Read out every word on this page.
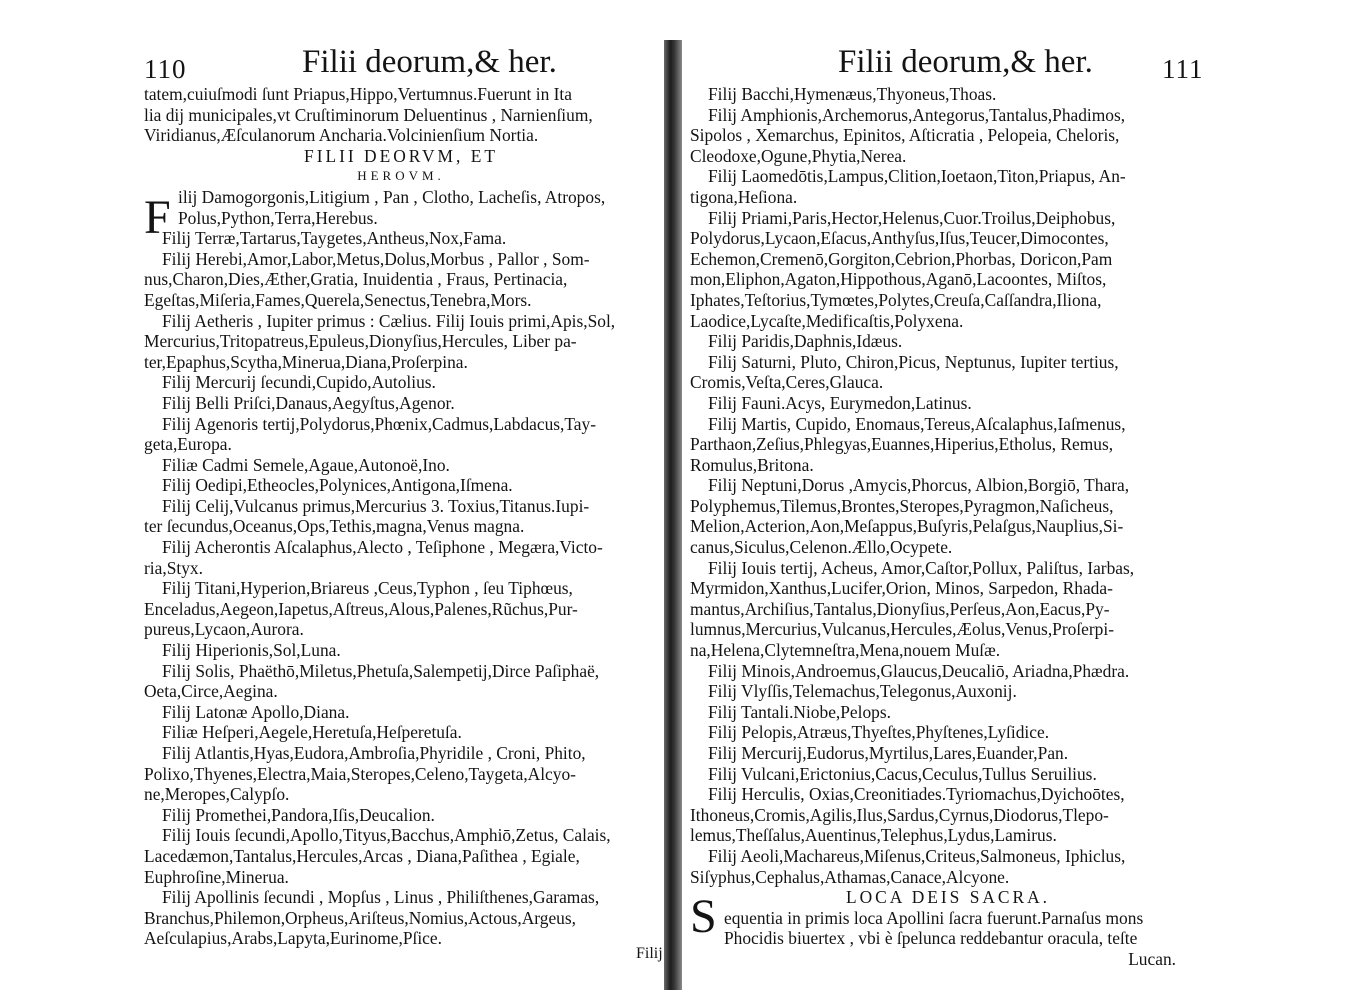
110	Filii deorum,& her.
F
tatem,cuiuſmodi ſunt Priapus,Hippo,Vertumnus.Fuerunt in Ita
lia dij municipales,vt Cruſtiminorum Deluentinus , Narnienſium,
Viridianus,Æſculanorum Ancharia.Volcinienſium Nortia.
FILII DEORVM, ET
HEROVM.
ilij Damogorgonis,Litigium , Pan , Clotho, Lacheſis, Atropos,
Polus,Python,Terra,Herebus.
Filij Terræ,Tartarus,Taygetes,Antheus,Nox,Fama.
Filij Herebi,Amor,Labor,Metus,Dolus,Morbus , Pallor , Som-
nus,Charon,Dies,Æther,Gratia, Inuidentia , Fraus, Pertinacia,
Egeſtas,Miſeria,Fames,Querela,Senectus,Tenebra,Mors.
Filij Aetheris , Iupiter primus : Cælius. Filij Iouis primi,Apis,Sol,
Mercurius,Tritopatreus,Epuleus,Dionyſius,Hercules, Liber pa-
ter,Epaphus,Scytha,Minerua,Diana,Proſerpina.
Filij Mercurij ſecundi,Cupido,Autolius.
Filij Belli Priſci,Danaus,Aegyſtus,Agenor.
Filij Agenoris tertij,Polydorus,Phœnix,Cadmus,Labdacus,Tay-
geta,Europa.
Filiæ Cadmi Semele,Agaue,Autonoë,Ino.
Filij Oedipi,Etheocles,Polynices,Antigona,Iſmena.
Filij Celij,Vulcanus primus,Mercurius 3. Toxius,Titanus.Iupi-
ter ſecundus,Oceanus,Ops,Tethis,magna,Venus magna.
Filij Acherontis Aſcalaphus,Alecto , Teſiphone , Megæra,Victo-
ria,Styx.
Filij Titani,Hyperion,Briareus ,Ceus,Typhon , ſeu Tiphœus,
Enceladus,Aegeon,Iapetus,Aſtreus,Alous,Palenes,Rũchus,Pur-
pureus,Lycaon,Aurora.
Filij Hiperionis,Sol,Luna.
Filij Solis, Phaëthō,Miletus,Phetuſa,Salempetij,Dirce Paſiphaë,
Oeta,Circe,Aegina.
Filij Latonæ Apollo,Diana.
Filiæ Heſperi,Aegele,Heretuſa,Heſperetuſa.
Filij Atlantis,Hyas,Eudora,Ambroſia,Phyridile , Croni, Phito,
Polixo,Thyenes,Electra,Maia,Steropes,Celeno,Taygeta,Alcyo-
ne,Meropes,Calypſo.
Filij Promethei,Pandora,Iſis,Deucalion.
Filij Iouis ſecundi,Apollo,Tityus,Bacchus,Amphiō,Zetus, Calais,
Lacedæmon,Tantalus,Hercules,Arcas , Diana,Paſithea , Egiale,
Euphroſine,Minerua.
Filij Apollinis ſecundi , Mopſus , Linus , Philiſthenes,Garamas,
Branchus,Philemon,Orpheus,Ariſteus,Nomius,Actous,Argeus,
Aeſculapius,Arabs,Lapyta,Eurinome,Pſice.
Filij
Filii deorum,& her.	111
S
Filij Bacchi,Hymenæus,Thyoneus,Thoas.
Filij Amphionis,Archemorus,Antegorus,Tantalus,Phadimos,
Sipolos , Xemarchus, Epinitos, Aſticratia , Pelopeia, Cheloris,
Cleodoxe,Ogune,Phytia,Nerea.
Filij Laomedōtis,Lampus,Clition,Ioetaon,Titon,Priapus, An-
tigona,Heſiona.
Filij Priami,Paris,Hector,Helenus,Cuor.Troilus,Deiphobus,
Polydorus,Lycaon,Eſacus,Anthyſus,Iſus,Teucer,Dimocontes,
Echemon,Cremenō,Gorgiton,Cebrion,Phorbas, Doricon,Pam
mon,Eliphon,Agaton,Hippothous,Aganō,Lacoontes, Miſtos,
Iphates,Teſtorius,Tymœtes,Polytes,Creuſa,Caſſandra,Iliona,
Laodice,Lycaſte,Medificaſtis,Polyxena.
Filij Paridis,Daphnis,Idæus.
Filij Saturni, Pluto, Chiron,Picus, Neptunus, Iupiter tertius,
Cromis,Veſta,Ceres,Glauca.
Filij Fauni.Acys, Eurymedon,Latinus.
Filij Martis, Cupido, Enomaus,Tereus,Aſcalaphus,Iaſmenus,
Parthaon,Zeſius,Phlegyas,Euannes,Hiperius,Etholus, Remus,
Romulus,Britona.
Filij Neptuni,Dorus ,Amycis,Phorcus, Albion,Borgiō, Thara,
Polyphemus,Tilemus,Brontes,Steropes,Pyragmon,Naſicheus,
Melion,Acterion,Aon,Meſappus,Buſyris,Pelaſgus,Nauplius,Si-
canus,Siculus,Celenon.Ællo,Ocypete.
Filij Iouis tertij, Acheus, Amor,Caſtor,Pollux, Paliſtus, Iarbas,
Myrmidon,Xanthus,Lucifer,Orion, Minos, Sarpedon, Rhada-
mantus,Archiſius,Tantalus,Dionyſius,Perſeus,Aon,Eacus,Py-
lumnus,Mercurius,Vulcanus,Hercules,Æolus,Venus,Proſerpi-
na,Helena,Clytemneſtra,Mena,nouem Muſæ.
Filij Minois,Androemus,Glaucus,Deucaliō, Ariadna,Phædra.
Filij Vlyſſis,Telemachus,Telegonus,Auxonij.
Filij Tantali.Niobe,Pelops.
Filij Pelopis,Atræus,Thyeſtes,Phyſtenes,Lyſidice.
Filij Mercurij,Eudorus,Myrtilus,Lares,Euander,Pan.
Filij Vulcani,Erictonius,Cacus,Ceculus,Tullus Seruilius.
Filij Herculis, Oxias,Creonitiades.Tyriomachus,Dyichoōtes,
Ithoneus,Cromis,Agilis,Ilus,Sardus,Cyrnus,Diodorus,Tlepo-
lemus,Theſſalus,Auentinus,Telephus,Lydus,Lamirus.
Filij Aeoli,Machareus,Miſenus,Criteus,Salmoneus, Iphiclus,
Siſyphus,Cephalus,Athamas,Canace,Alcyone.
LOCA DEIS SACRA.
equentia in primis loca Apollini ſacra fuerunt.Parnaſus mons
Phocidis biuertex , vbi è ſpelunca reddebantur oracula, teſte
Lucan.
